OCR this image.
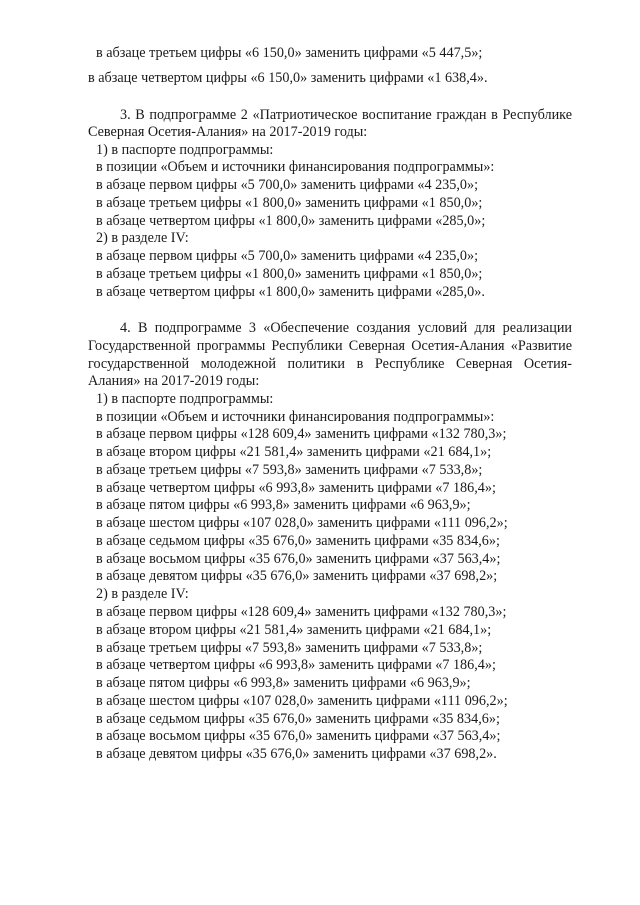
в абзаце третьем цифры «6 150,0» заменить цифрами «5 447,5»;

в абзаце четвертом цифры «6 150,0» заменить цифрами «1 638,4».

3. В подпрограмме 2 «Патриотическое воспитание граждан в Республике

Северная Осетия-Алания» на 2017-2019 годы:

1) в паспорте подпрограммы:

в позиции «Объем и источники финансирования подпрограммы»:

в абзаце первом цифры «5 700,0» заменить цифрами «4 235,0»;

в абзаце третьем цифры «1 800,0» заменить цифрами «1 850,0»;

в абзаце четвертом цифры «1 800,0» заменить цифрами «285,0»;

2) в разделе IV:

в абзаце первом цифры «5 700,0» заменить цифрами «4 235,0»;

в абзаце третьем цифры «1 800,0» заменить цифрами «1 850,0»;

в абзаце четвертом цифры «1 800,0» заменить цифрами «285,0».

4. В подпрограмме 3 «Обеспечение создания условий для реализации

Государственной программы Республики Северная Осетия-Алания «Развитие

государственной молодежной политики в Республике Северная Осетия-

Алания» на 2017-2019 годы:

1) в паспорте подпрограммы:

в позиции «Объем и источники финансирования подпрограммы»:

в абзаце первом цифры «128 609,4» заменить цифрами «132 780,3»;

в абзаце втором цифры «21 581,4» заменить цифрами «21 684,1»;

в абзаце третьем цифры «7 593,8» заменить цифрами «7 533,8»;

в абзаце четвертом цифры «6 993,8» заменить цифрами «7 186,4»;

в абзаце пятом цифры «6 993,8» заменить цифрами «6 963,9»;

в абзаце шестом цифры «107 028,0» заменить цифрами «111 096,2»;

в абзаце седьмом цифры «35 676,0» заменить цифрами «35 834,6»;

в абзаце восьмом цифры «35 676,0» заменить цифрами «37 563,4»;

в абзаце девятом цифры «35 676,0» заменить цифрами «37 698,2»;

2) в разделе IV:

в абзаце первом цифры «128 609,4» заменить цифрами «132 780,3»;

в абзаце втором цифры «21 581,4» заменить цифрами «21 684,1»;

в абзаце третьем цифры «7 593,8» заменить цифрами «7 533,8»;

в абзаце четвертом цифры «6 993,8» заменить цифрами «7 186,4»;

в абзаце пятом цифры «6 993,8» заменить цифрами «6 963,9»;

в абзаце шестом цифры «107 028,0» заменить цифрами «111 096,2»;

в абзаце седьмом цифры «35 676,0» заменить цифрами «35 834,6»;

в абзаце восьмом цифры «35 676,0» заменить цифрами «37 563,4»;

в абзаце девятом цифры «35 676,0» заменить цифрами «37 698,2».
